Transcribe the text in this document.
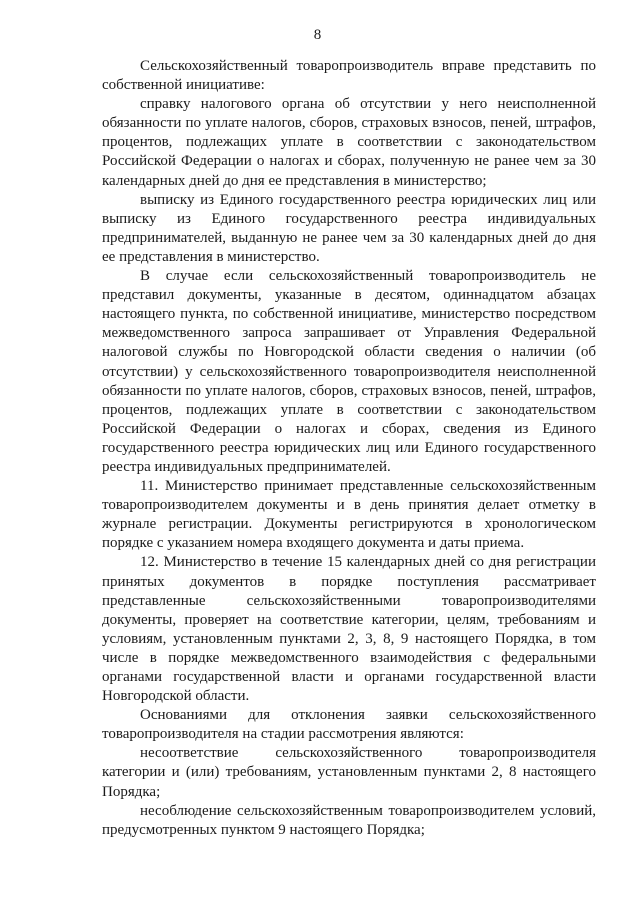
8

Сельскохозяйственный товаропроизводитель вправе представить по собственной инициативе:

справку налогового органа об отсутствии у него неисполненной обязанности по уплате налогов, сборов, страховых взносов, пеней, штрафов, процентов, подлежащих уплате в соответствии с законодательством Российской Федерации о налогах и сборах, полученную не ранее чем за 30 календарных дней до дня ее представления в министерство;

выписку из Единого государственного реестра юридических лиц или выписку из Единого государственного реестра индивидуальных предпринимателей, выданную не ранее чем за 30 календарных дней до дня ее представления в министерство.

В случае если сельскохозяйственный товаропроизводитель не представил документы, указанные в десятом, одиннадцатом абзацах настоящего пункта, по собственной инициативе, министерство посредством межведомственного запроса запрашивает от Управления Федеральной налоговой службы по Новгородской области сведения о наличии (об отсутствии) у сельскохозяйственного товаропроизводителя неисполненной обязанности по уплате налогов, сборов, страховых взносов, пеней, штрафов, процентов, подлежащих уплате в соответствии с законодательством Российской Федерации о налогах и сборах, сведения из Единого государственного реестра юридических лиц или Единого государственного реестра индивидуальных предпринимателей.

11. Министерство принимает представленные сельскохозяйственным товаропроизводителем документы и в день принятия делает отметку в журнале регистрации. Документы регистрируются в хронологическом порядке с указанием номера входящего документа и даты приема.

12. Министерство в течение 15 календарных дней со дня регистрации принятых документов в порядке поступления рассматривает представленные сельскохозяйственными товаропроизводителями документы, проверяет на соответствие категории, целям, требованиям и условиям, установленным пунктами 2, 3, 8, 9 настоящего Порядка, в том числе в порядке межведомственного взаимодействия с федеральными органами государственной власти и органами государственной власти Новгородской области.

Основаниями для отклонения заявки сельскохозяйственного товаропроизводителя на стадии рассмотрения являются:

несоответствие сельскохозяйственного товаропроизводителя категории и (или) требованиям, установленным пунктами 2, 8 настоящего Порядка;

несоблюдение сельскохозяйственным товаропроизводителем условий, предусмотренных пунктом 9 настоящего Порядка;
